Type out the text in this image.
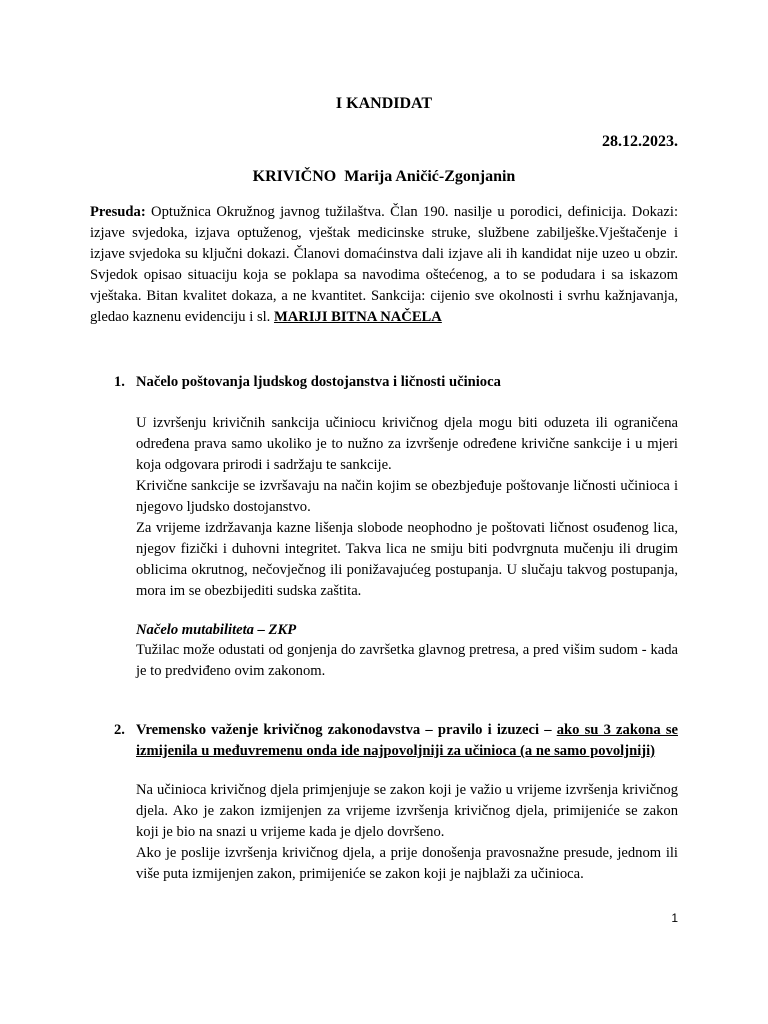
I KANDIDAT
28.12.2023.
KRIVIČNO  Marija Aničić-Zgonjanin

Presuda: Optužnica Okružnog javnog tužilaštva. Član 190. nasilje u porodici, definicija. Dokazi: izjave svjedoka, izjava optuženog, vještak medicinske struke, službene zabilješke.Vještačenje i izjave svjedoka su ključni dokazi. Članovi domaćinstva dali izjave ali ih kandidat nije uzeo u obzir. Svjedok opisao situaciju koja se poklapa sa navodima oštećenog, a to se podudara i sa iskazom vještaka. Bitan kvalitet dokaza, a ne kvantitet. Sankcija: cijenio sve okolnosti i svrhu kažnjavanja, gledao kaznenu evidenciju i sl. MARIJI BITNA NAČELA

1. Načelo poštovanja ljudskog dostojanstva i ličnosti učinioca
U izvršenju krivičnih sankcija učiniocu krivičnog djela mogu biti oduzeta ili ograničena određena prava samo ukoliko je to nužno za izvršenje određene krivične sankcije i u mjeri koja odgovara prirodi i sadržaju te sankcije.
Krivične sankcije se izvršavaju na način kojim se obezbjeđuje poštovanje ličnosti učinioca i njegovo ljudsko dostojanstvo.
Za vrijeme izdržavanja kazne lišenja slobode neophodno je poštovati ličnost osuđenog lica, njegov fizički i duhovni integritet. Takva lica ne smiju biti podvrgnuta mučenju ili drugim oblicima okrutnog, nečovječnog ili ponižavajućeg postupanja. U slučaju takvog postupanja, mora im se obezbijediti sudska zaštita.
Načelo mutabiliteta – ZKP
Tužilac može odustati od gonjenja do završetka glavnog pretresa, a pred višim sudom - kada je to predviđeno ovim zakonom.
2. Vremensko važenje krivičnog zakonodavstva – pravilo i izuzeci – ako su 3 zakona se izmijenila u međuvremenu onda ide najpovoljniji za učinioca (a ne samo povoljniji)
Na učinioca krivičnog djela primjenjuje se zakon koji je važio u vrijeme izvršenja krivičnog djela. Ako je zakon izmijenjen za vrijeme izvršenja krivičnog djela, primijeniće se zakon koji je bio na snazi u vrijeme kada je djelo dovršeno.
Ako je poslije izvršenja krivičnog djela, a prije donošenja pravosnažne presude, jednom ili više puta izmijenjen zakon, primijeniće se zakon koji je najblaži za učinioca.
1
